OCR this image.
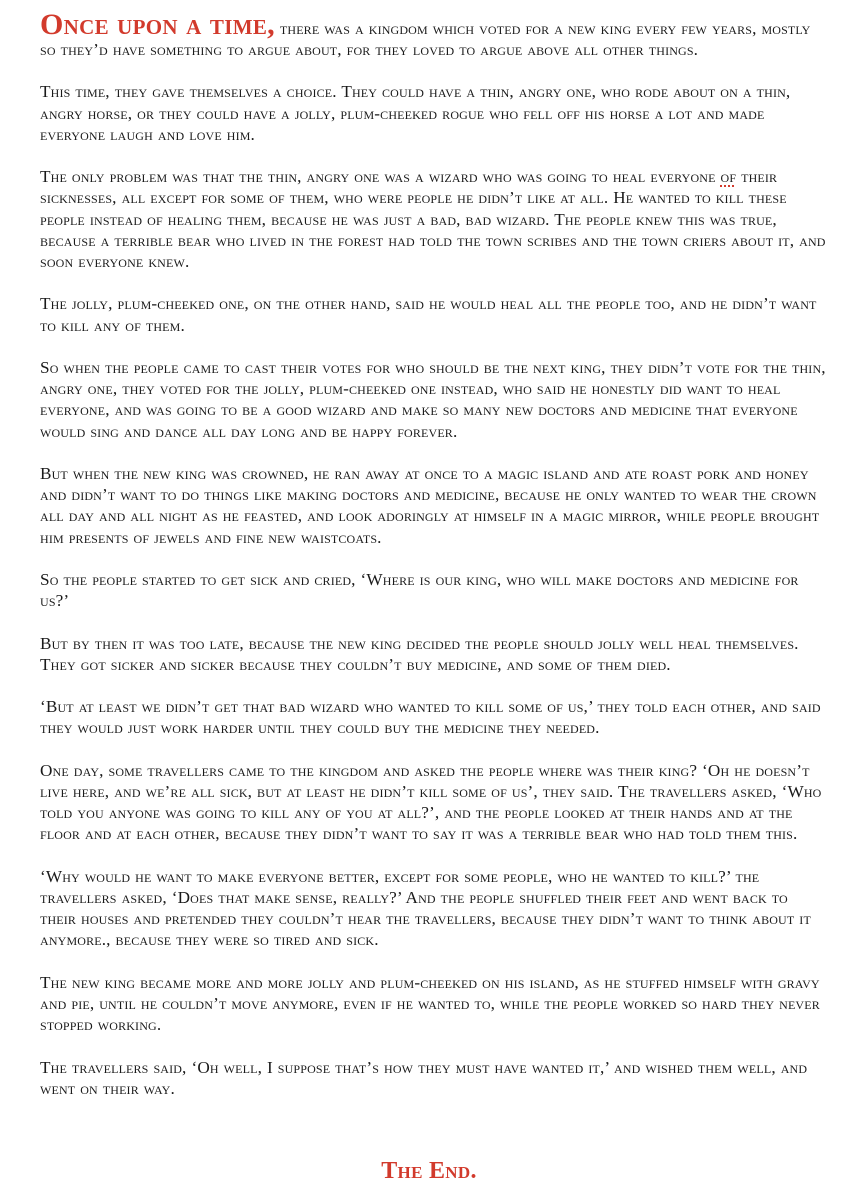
Once upon a time, there was a kingdom which voted for a new king every few years, mostly so they’d have something to argue about, for they loved to argue above all other things.

This time, they gave themselves a choice. They could have a thin, angry one, who rode about on a thin, angry horse, or they could have a jolly, plum-cheeked rogue who fell off his horse a lot and made everyone laugh and love him.

The only problem was that the thin, angry one was a wizard who was going to heal everyone of their sicknesses, all except for some of them, who were people he didn’t like at all. He wanted to kill these people instead of healing them, because he was just a bad, bad wizard. The people knew this was true, because a terrible bear who lived in the forest had told the town scribes and the town criers about it, and soon everyone knew.

The jolly, plum-cheeked one, on the other hand, said he would heal all the people too, and he didn’t want to kill any of them.

So when the people came to cast their votes for who should be the next king, they didn’t vote for the thin, angry one, they voted for the jolly, plum-cheeked one instead, who said he honestly did want to heal everyone, and was going to be a good wizard and make so many new doctors and medicine that everyone would sing and dance all day long and be happy forever.

But when the new king was crowned, he ran away at once to a magic island and ate roast pork and honey and didn’t want to do things like making doctors and medicine, because he only wanted to wear the crown all day and all night as he feasted, and look adoringly at himself in a magic mirror, while people brought him presents of jewels and fine new waistcoats.

So the people started to get sick and cried, ‘Where is our king, who will make doctors and medicine for us?’

But by then it was too late, because the new king decided the people should jolly well heal themselves. They got sicker and sicker because they couldn’t buy medicine, and some of them died.

‘But at least we didn’t get that bad wizard who wanted to kill some of us,’ they told each other, and said they would just work harder until they could buy the medicine they needed.

One day, some travellers came to the kingdom and asked the people where was their king? ‘Oh he doesn’t live here, and we’re all sick, but at least he didn’t kill some of us’, they said. The travellers asked, ‘Who told you anyone was going to kill any of you at all?’, and the people looked at their hands and at the floor and at each other, because they didn’t want to say it was a terrible bear who had told them this.

‘Why would he want to make everyone better, except for some people, who he wanted to kill?’ the travellers asked, ‘Does that make sense, really?’ And the people shuffled their feet and went back to their houses and pretended they couldn’t hear the travellers, because they didn’t want to think about it anymore., because they were so tired and sick.

The new king became more and more jolly and plum-cheeked on his island, as he stuffed himself with gravy and pie, until he couldn’t move anymore, even if he wanted to, while the people worked so hard they never stopped working.

The travellers said, ‘Oh well, I suppose that’s how they must have wanted it,’ and wished them well, and went on their way.

The End.
